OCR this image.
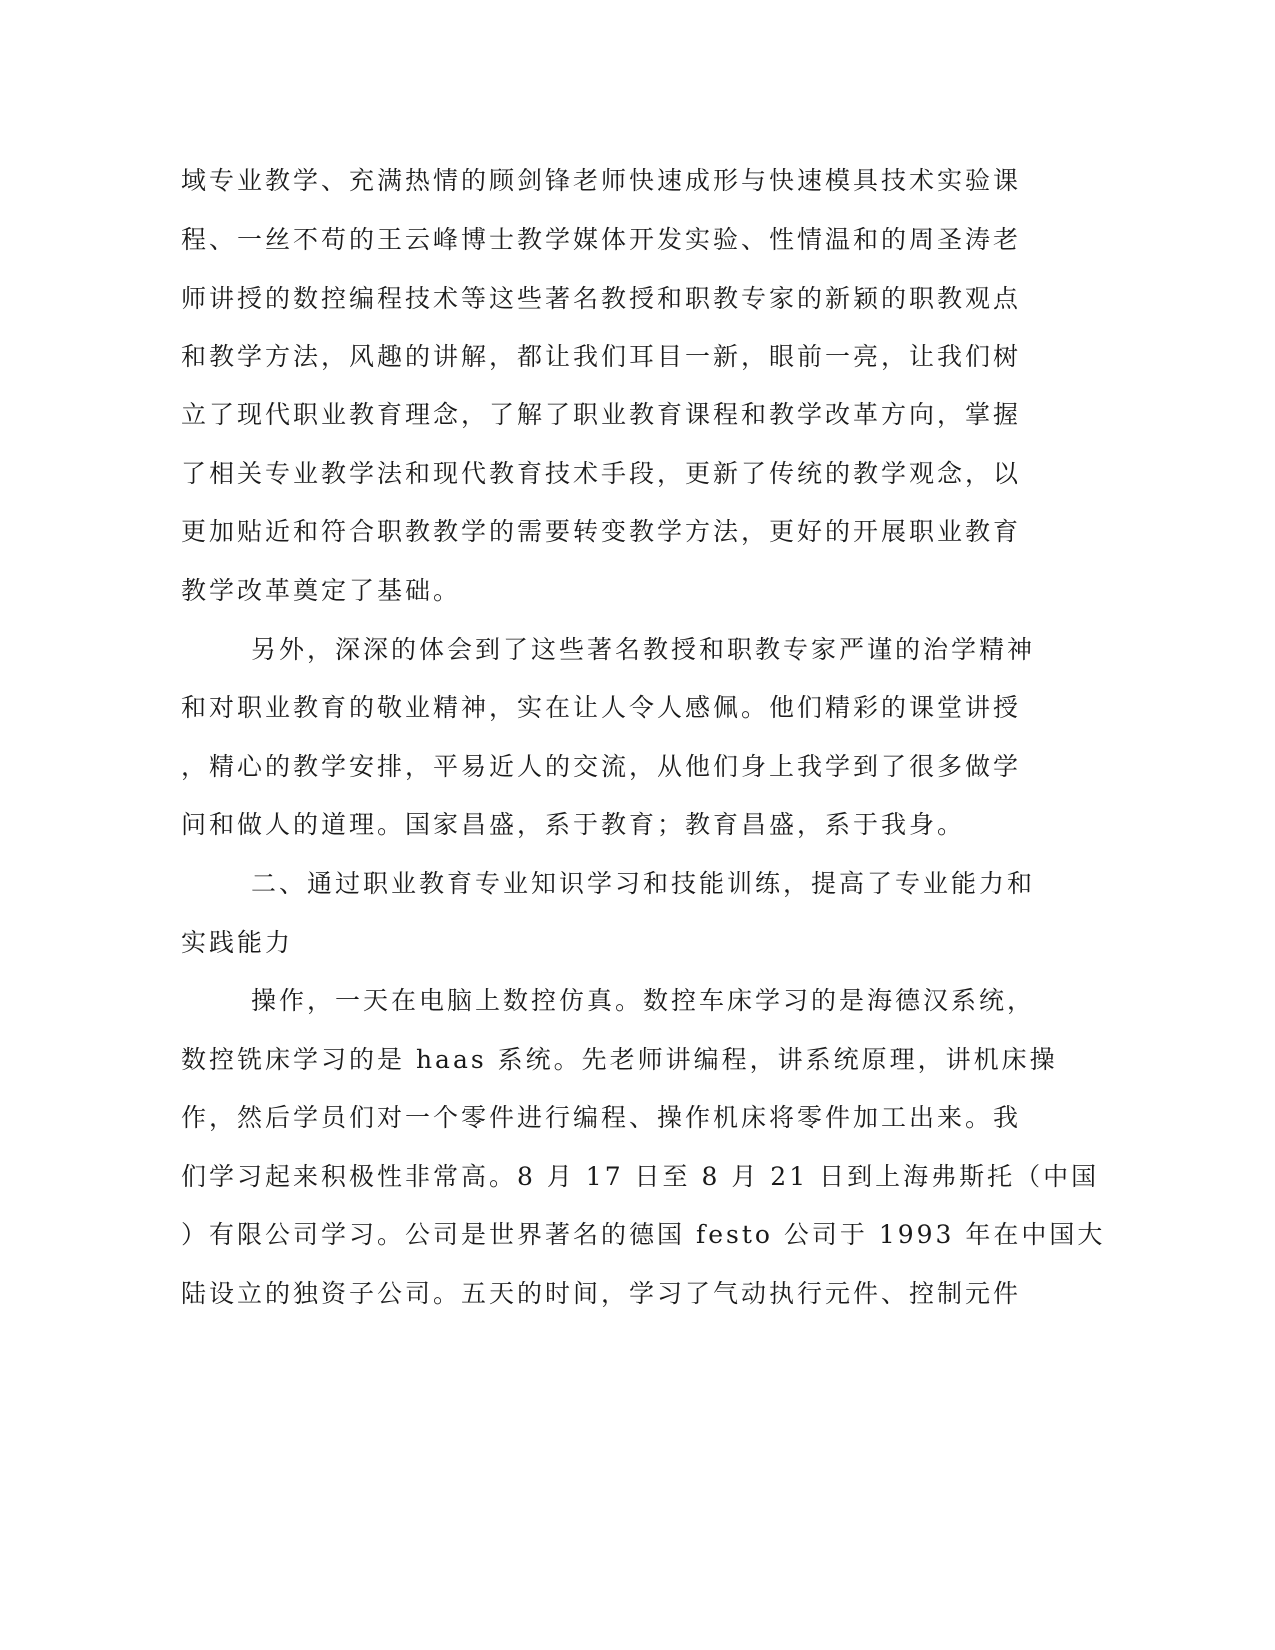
域专业教学、充满热情的顾剑锋老师快速成形与快速模具技术实验课
程、一丝不苟的王云峰博士教学媒体开发实验、性情温和的周圣涛老
师讲授的数控编程技术等这些著名教授和职教专家的新颖的职教观点
和教学方法，风趣的讲解，都让我们耳目一新，眼前一亮，让我们树
立了现代职业教育理念，了解了职业教育课程和教学改革方向，掌握
了相关专业教学法和现代教育技术手段，更新了传统的教学观念，以
更加贴近和符合职教教学的需要转变教学方法，更好的开展职业教育
教学改革奠定了基础。
另外，深深的体会到了这些著名教授和职教专家严谨的治学精神
和对职业教育的敬业精神，实在让人令人感佩。他们精彩的课堂讲授
，精心的教学安排，平易近人的交流，从他们身上我学到了很多做学
问和做人的道理。国家昌盛，系于教育；教育昌盛，系于我身。
二、通过职业教育专业知识学习和技能训练，提高了专业能力和
实践能力
操作，一天在电脑上数控仿真。数控车床学习的是海德汉系统，
数控铣床学习的是 haas 系统。先老师讲编程，讲系统原理，讲机床操
作，然后学员们对一个零件进行编程、操作机床将零件加工出来。我
们学习起来积极性非常高。8 月 17 日至 8 月 21 日到上海弗斯托（中国
）有限公司学习。公司是世界著名的德国 festo 公司于 1993 年在中国大
陆设立的独资子公司。五天的时间，学习了气动执行元件、控制元件
